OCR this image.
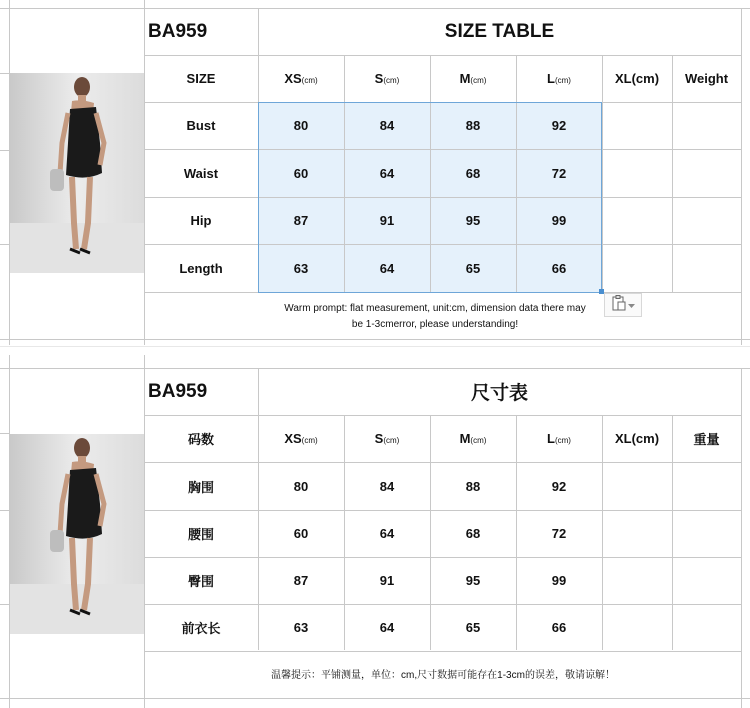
BA959	SIZE TABLE
SIZE	XS (cm)	S (cm)	M (cm)	L (cm)	XL(cm)	Weight
Bust	80	84	88	92
Waist	60	64	68	72
Hip	87	91	95	99
Length	63	64	65	66
Warm prompt: flat measurement, unit:cm, dimension data there may
be 1-3cmerror, please understanding!
BA959	尺寸表
码数	XS (cm)	S (cm)	M (cm)	L (cm)	XL(cm)	重量
胸围	80	84	88	92
腰围	60	64	68	72
臀围	87	91	95	99
前衣长	63	64	65	66
温馨提示：平铺测量，单位：cm,尺寸数据可能存在1-3cm的误差，敬请谅解！
